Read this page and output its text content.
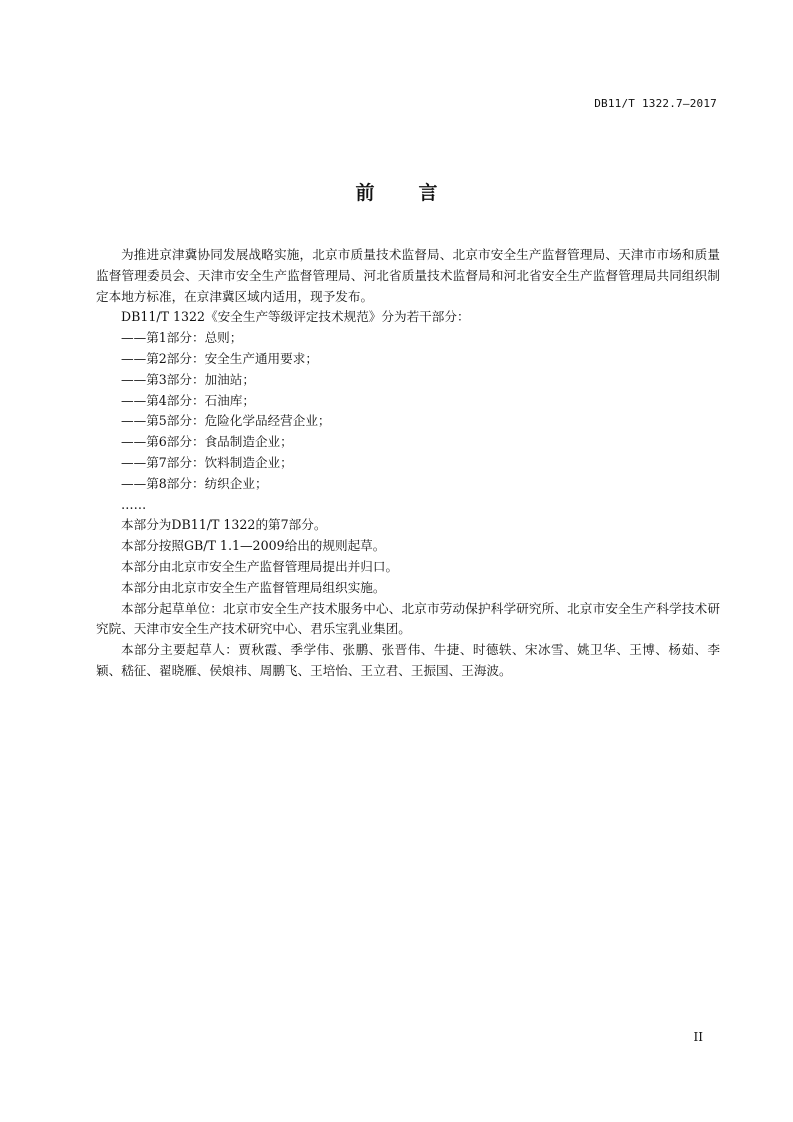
DB11/T 1322.7—2017
前言

为推进京津冀协同发展战略实施，北京市质量技术监督局、北京市安全生产监督管理局、天津市市场和质量监督管理委员会、天津市安全生产监督管理局、河北省质量技术监督局和河北省安全生产监督管理局共同组织制定本地方标准，在京津冀区域内适用，现予发布。

DB11/T 1322《安全生产等级评定技术规范》分为若干部分：

——第1部分：总则；
——第2部分：安全生产通用要求；
——第3部分：加油站；
——第4部分：石油库；
——第5部分：危险化学品经营企业；
——第6部分：食品制造企业；
——第7部分：饮料制造企业；
——第8部分：纺织企业；
……

本部分为DB11/T 1322的第7部分。

本部分按照GB/T 1.1—2009给出的规则起草。

本部分由北京市安全生产监督管理局提出并归口。

本部分由北京市安全生产监督管理局组织实施。

本部分起草单位：北京市安全生产技术服务中心、北京市劳动保护科学研究所、北京市安全生产科学技术研究院、天津市安全生产技术研究中心、君乐宝乳业集团。

本部分主要起草人：贾秋霞、季学伟、张鹏、张晋伟、牛捷、时德轶、宋冰雪、姚卫华、王博、杨茹、李颖、嵇征、翟晓雁、侯烺祎、周鹏飞、王培怡、王立君、王振国、王海波。

II
